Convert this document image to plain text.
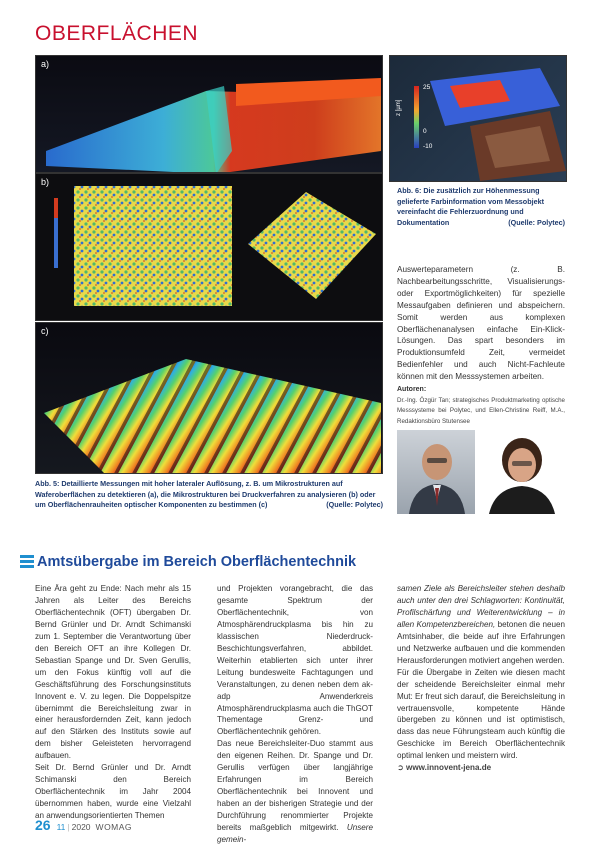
OBERFLÄCHEN
a)
b)
c)
z [µm]
25
0
-10
Abb. 6: Die zusätzlich zur Höhenmessung gelieferte Farbinformation vom Messobjekt vereinfacht die Fehlerzuordnung und Dokumentation	(Quelle: Polytec)

Auswerteparametern (z. B. Nachbearbeitungsschritte, Visualisierungs- oder Exportmöglichkeiten) für spezielle Messaufgaben definieren und abspeichern. Somit werden aus komplexen Oberflächenanalysen einfache Ein-Klick-Lösungen. Das spart besonders im Produktionsumfeld Zeit, vermeidet Bedienfehler und auch Nicht-Fachleute können mit den Messsystemen arbeiten.

Autoren:
Dr.-Ing. Özgür Tan; strategisches Produktmarketing optische Messsysteme bei Polytec, und Ellen-Christine Reiff, M.A., Redaktionsbüro Stutensee
Abb. 5: Detaillierte Messungen mit hoher lateraler Auflösung, z. B. um Mikrostrukturen auf Waferoberflächen zu detektieren (a), die Mikrostrukturen bei Druckverfahren zu analysieren (b) oder um Oberflächenrauheiten optischer Komponenten zu bestimmen (c)	(Quelle: Polytec)
Amtsübergabe im Bereich Oberflächentechnik

Eine Ära geht zu Ende: Nach mehr als 15 Jahren als Leiter des Bereichs Oberflächentechnik (OFT) übergaben Dr. Bernd Grünler und Dr. Arndt Schimanski zum 1. September die Verantwortung über den Bereich OFT an ihre Kollegen Dr. Sebastian Spange und Dr. Sven Gerullis, um den Fokus künftig voll auf die Geschäftsführung des Forschungsinstituts Innovent e. V. zu legen. Die Doppelspitze übernimmt die Bereichsleitung zwar in einer herausfordernden Zeit, kann jedoch auf den Stärken des Instituts sowie auf dem bisher Geleisteten hervorragend aufbauen.

Seit Dr. Bernd Grünler und Dr. Arndt Schimanski den Bereich Oberflächentechnik im Jahr 2004 übernommen haben, wurde eine Vielzahl an anwendungsorientierten Themen

und Projekten vorangebracht, die das gesamte Spektrum der Oberflächentechnik, von Atmosphärendruckplasma bis hin zu klassischen Niederdruck-Beschichtungsverfahren, abbildet. Weiterhin etablierten sich unter ihrer Leitung bundesweite Fachtagungen und Veranstaltungen, zu denen neben dem ak-adp Anwenderkreis Atmosphärendruckplasma auch die ThGOT Thementage Grenz- und Oberflächentechnik gehören.

Das neue Bereichsleiter-Duo stammt aus den eigenen Reihen. Dr. Spange und Dr. Gerullis verfügen über langjährige Erfahrungen im Bereich Oberflächentechnik bei Innovent und haben an der bisherigen Strategie und der Durchführung renommierter Projekte bereits maßgeblich mitgewirkt. Unsere gemein-

samen Ziele als Bereichsleiter stehen deshalb auch unter den drei Schlagworten: Kontinuität, Profilschärfung und Weiterentwicklung – in allen Kompetenzbereichen, betonen die neuen Amtsinhaber, die beide auf ihre Erfahrungen und Netzwerke aufbauen und die kommenden Herausforderungen motiviert angehen werden.

Für die Übergabe in Zeiten wie diesen macht der scheidende Bereichsleiter einmal mehr Mut: Er freut sich darauf, die Bereichsleitung in vertrauensvolle, kompetente Hände übergeben zu können und ist optimistisch, dass das neue Führungsteam auch künftig die Geschicke im Bereich Oberflächentechnik optimal lenken und meistern wird.

➲ www.innovent-jena.de

26 11 | 2020 WOMAG
